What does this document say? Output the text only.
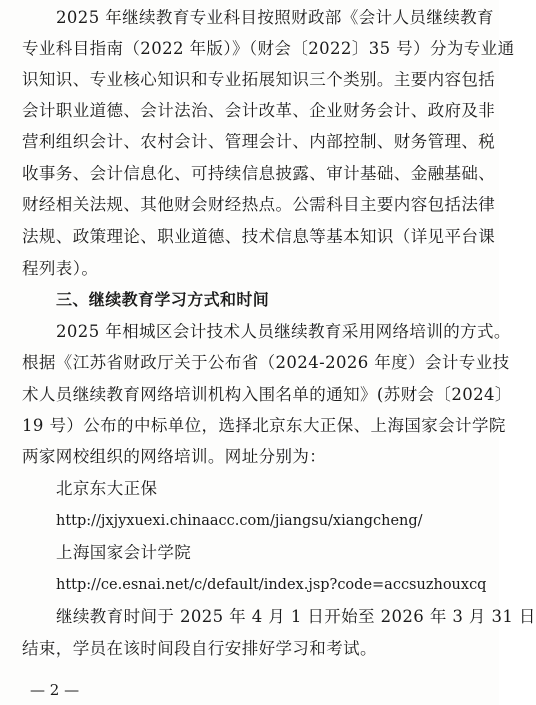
2025 年继续教育专业科目按照财政部《会计人员继续教育
专业科目指南（2022 年版）》（财会〔2022〕35 号）分为专业通
识知识、专业核心知识和专业拓展知识三个类别。主要内容包括
会计职业道德、会计法治、会计改革、企业财务会计、政府及非
营利组织会计、农村会计、管理会计、内部控制、财务管理、税
收事务、会计信息化、可持续信息披露、审计基础、金融基础、
财经相关法规、其他财会财经热点。公需科目主要内容包括法律
法规、政策理论、职业道德、技术信息等基本知识（详见平台课
程列表）。
三、继续教育学习方式和时间
2025 年相城区会计技术人员继续教育采用网络培训的方式。
根据《江苏省财政厅关于公布省（2024-2026 年度）会计专业技
术人员继续教育网络培训机构入围名单的通知》(苏财会〔2024〕
19 号）公布的中标单位，选择北京东大正保、上海国家会计学院
两家网校组织的网络培训。网址分别为：
北京东大正保
http://jxjyxuexi.chinaacc.com/jiangsu/xiangcheng/
上海国家会计学院
http://ce.esnai.net/c/default/index.jsp?code=accsuzhouxcq
继续教育时间于 2025 年 4 月 1 日开始至 2026 年 3 月 31 日
结束，学员在该时间段自行安排好学习和考试。
— 2 —
